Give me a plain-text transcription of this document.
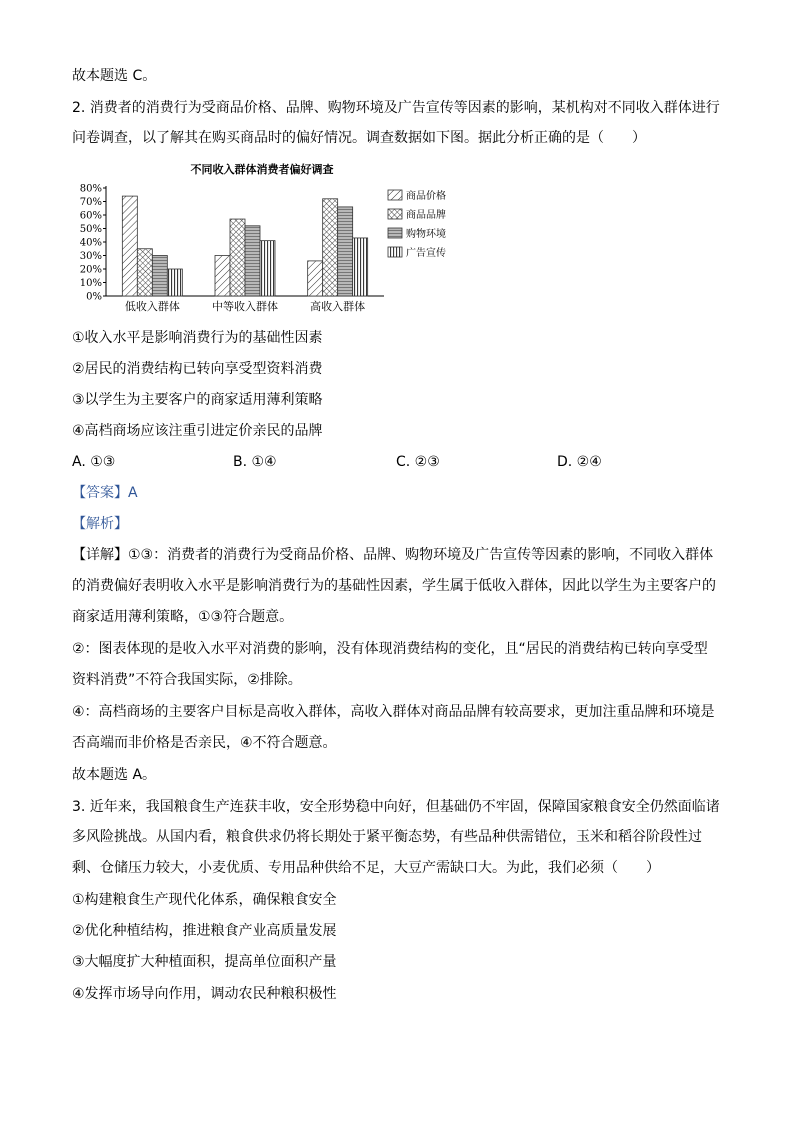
故本题选 C。
2. 消费者的消费行为受商品价格、品牌、购物环境及广告宣传等因素的影响，某机构对不同收入群体进行
问卷调查，以了解其在购买商品时的偏好情况。调查数据如下图。据此分析正确的是（　　）
不同收入群体消费者偏好调查
0%
10%
20%
30%
40%
50%
60%
70%
80%
低收入群体	中等收入群体	高收入群体
商品价格
商品品牌
购物环境
广告宣传
①收入水平是影响消费行为的基础性因素
②居民的消费结构已转向享受型资料消费
③以学生为主要客户的商家适用薄利策略
④高档商场应该注重引进定价亲民的品牌
A. ①③	B. ①④	C. ②③	D. ②④
【答案】A
【解析】
【详解】①③：消费者的消费行为受商品价格、品牌、购物环境及广告宣传等因素的影响，不同收入群体
的消费偏好表明收入水平是影响消费行为的基础性因素，学生属于低收入群体，因此以学生为主要客户的
商家适用薄利策略，①③符合题意。
②：图表体现的是收入水平对消费的影响，没有体现消费结构的变化，且“居民的消费结构已转向享受型
资料消费”不符合我国实际，②排除。
④：高档商场的主要客户目标是高收入群体，高收入群体对商品品牌有较高要求，更加注重品牌和环境是
否高端而非价格是否亲民，④不符合题意。
故本题选 A。
3. 近年来，我国粮食生产连获丰收，安全形势稳中向好，但基础仍不牢固，保障国家粮食安全仍然面临诸
多风险挑战。从国内看，粮食供求仍将长期处于紧平衡态势，有些品种供需错位，玉米和稻谷阶段性过
剩、仓储压力较大，小麦优质、专用品种供给不足，大豆产需缺口大。为此，我们必须（　　）
①构建粮食生产现代化体系，确保粮食安全
②优化种植结构，推进粮食产业高质量发展
③大幅度扩大种植面积，提高单位面积产量
④发挥市场导向作用，调动农民种粮积极性
